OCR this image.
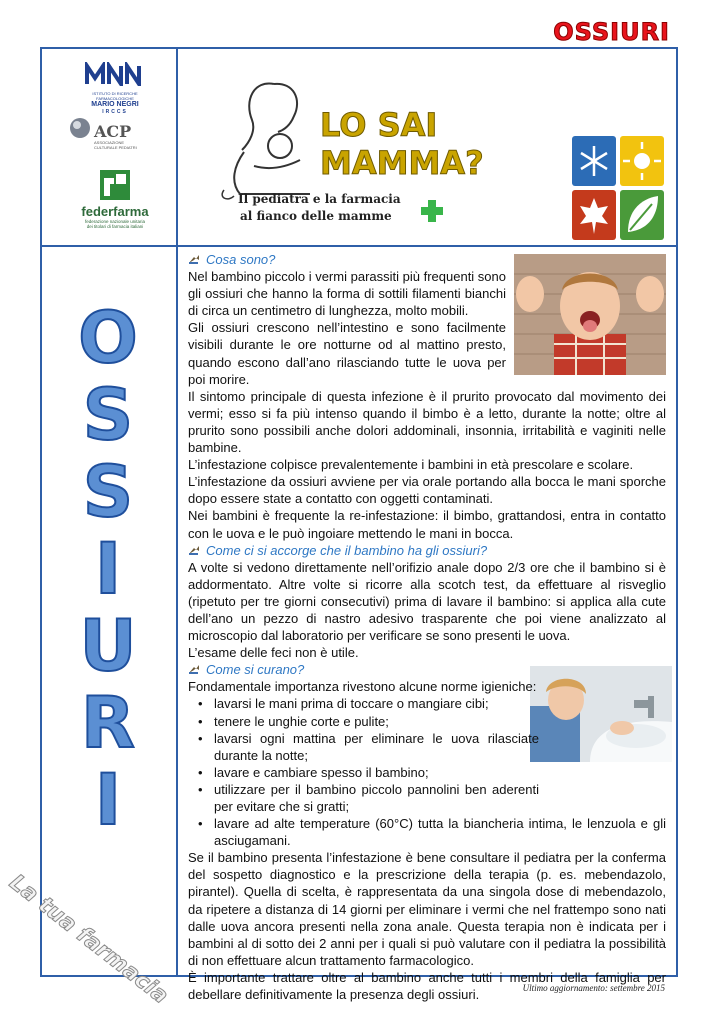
OSSIURI
ISTITUTO DI RICERCHE
FARMACOLOGICHE
MARIO NEGRI
IRCCS
ACP
ASSOCIAZIONE
CULTURALE PEDIATRI
federfarma
federazione nazionale unitaria
dei titolari di farmacia italiani
LO SAI
MAMMA?
Il pediatra e la farmacia
al fianco delle mamme
O
S
S
I
U
R
I
La tua farmacia
Cosa sono?

Nel bambino piccolo i vermi parassiti più frequenti sono gli ossiuri che hanno la forma di sottili filamenti bianchi di circa un centimetro di lunghezza, molto mobili.

Gli ossiuri crescono nell’intestino e sono facilmente visibili durante le ore notturne od al mattino presto, quando escono dall’ano rilasciando tutte le uova per poi morire.

Il sintomo principale di questa infezione è il prurito provocato dal movimento dei vermi; esso si fa più intenso quando il bimbo è a letto, durante la notte; oltre al prurito sono possibili anche dolori addominali, insonnia, irritabilità e vaginiti nelle bambine.

L’infestazione colpisce prevalentemente i bambini in età prescolare e scolare.

L’infestazione da ossiuri avviene per via orale portando alla bocca le mani sporche dopo essere state a contatto con oggetti contaminati.

Nei bambini è frequente la re-infestazione: il bimbo, grattandosi, entra in contatto con le uova e le può ingoiare mettendo le mani in bocca.

Come ci si accorge che il bambino ha gli ossiuri?

A volte si vedono direttamente nell’orifizio anale dopo 2/3 ore che il bambino si è addormentato. Altre volte si ricorre alla scotch test, da effettuare al risveglio (ripetuto per tre giorni consecutivi) prima di lavare il bambino: si applica alla cute dell’ano un pezzo di nastro adesivo trasparente che poi viene analizzato al microscopio dal laboratorio per verificare se sono presenti le uova.

L’esame delle feci non è utile.

Come si curano?

Fondamentale importanza rivestono alcune norme igieniche:

• lavarsi le mani prima di toccare o mangiare cibi;
• tenere le unghie corte e pulite;
• lavarsi ogni mattina per eliminare le uova rilasciate durante la notte;
• lavare e cambiare spesso il bambino;
• utilizzare per il bambino piccolo pannolini ben aderenti per evitare che si gratti;
• lavare ad alte temperature (60°C) tutta la biancheria intima, le lenzuola e gli asciugamani.

Se il bambino presenta l’infestazione è bene consultare il pediatra per la conferma del sospetto diagnostico e la prescrizione della terapia (p. es. mebendazolo, pirantel). Quella di scelta, è rappresentata da una singola dose di mebendazolo, da ripetere a distanza di 14 giorni per eliminare i vermi che nel frattempo sono nati dalle uova ancora presenti nella zona anale. Questa terapia non è indicata per i bambini al di sotto dei 2 anni per i quali si può valutare con il pediatra la possibilità di non effettuare alcun trattamento farmacologico.

È importante trattare oltre al bambino anche tutti i membri della famiglia per debellare definitivamente la presenza degli ossiuri.	Ultimo aggiornamento: settembre 2015
